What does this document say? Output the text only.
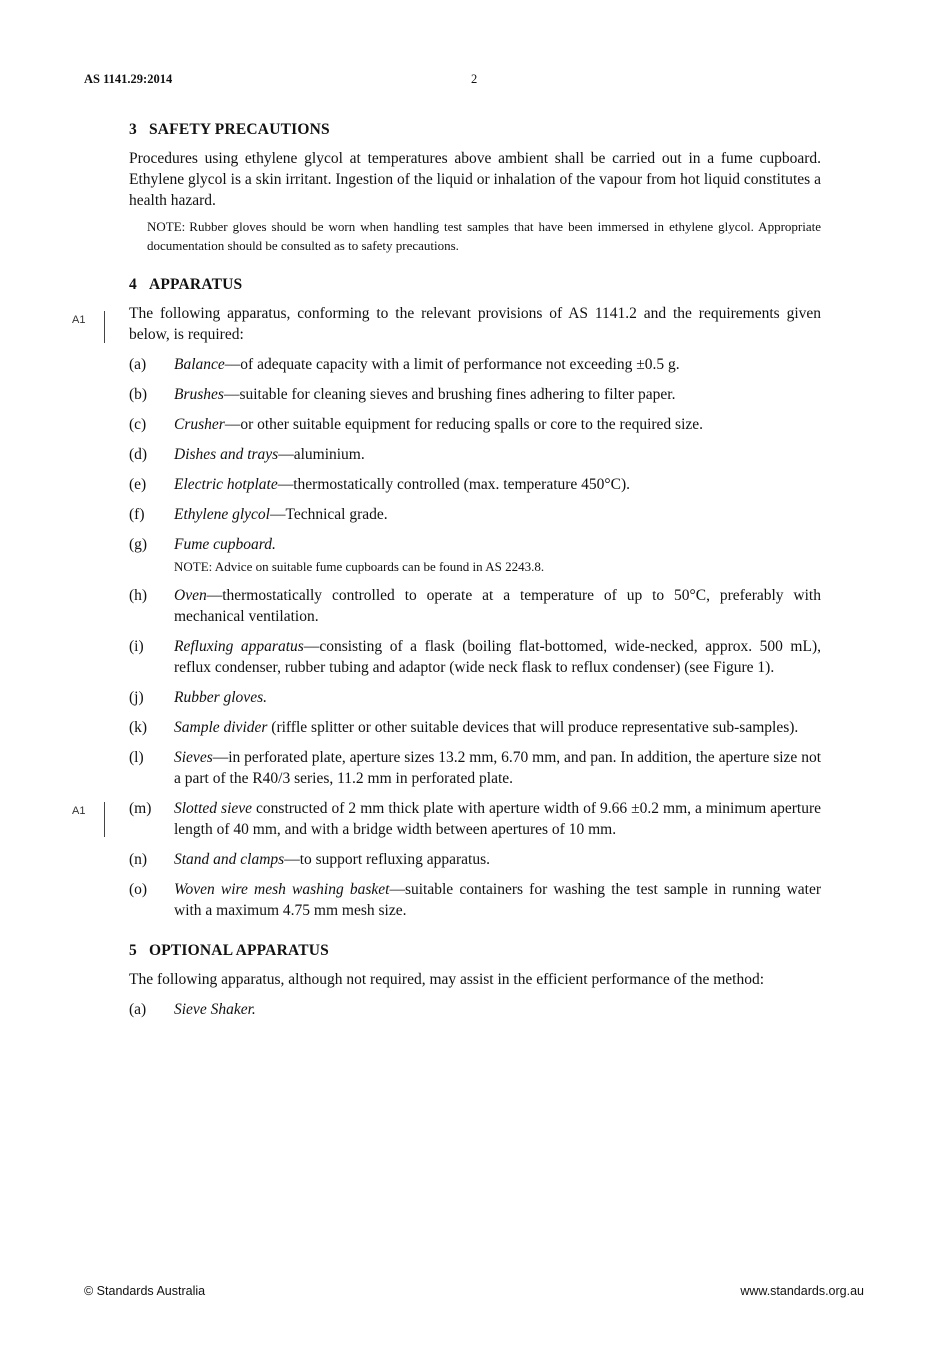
AS 1141.29:2014	2
A1
A1
3 SAFETY PRECAUTIONS

Procedures using ethylene glycol at temperatures above ambient shall be carried out in a fume cupboard. Ethylene glycol is a skin irritant. Ingestion of the liquid or inhalation of the vapour from hot liquid constitutes a health hazard.

NOTE: Rubber gloves should be worn when handling test samples that have been immersed in ethylene glycol. Appropriate documentation should be consulted as to safety precautions.

4 APPARATUS

The following apparatus, conforming to the relevant provisions of AS 1141.2 and the requirements given below, is required:

(a) Balance—of adequate capacity with a limit of performance not exceeding ±0.5 g.
(b) Brushes—suitable for cleaning sieves and brushing fines adhering to filter paper.
(c) Crusher—or other suitable equipment for reducing spalls or core to the required size.
(d) Dishes and trays—aluminium.
(e) Electric hotplate—thermostatically controlled (max. temperature 450°C).
(f) Ethylene glycol—Technical grade.
(g) Fume cupboard.
NOTE: Advice on suitable fume cupboards can be found in AS 2243.8.
(h) Oven—thermostatically controlled to operate at a temperature of up to 50°C, preferably with mechanical ventilation.
(i) Refluxing apparatus—consisting of a flask (boiling flat-bottomed, wide-necked, approx. 500 mL), reflux condenser, rubber tubing and adaptor (wide neck flask to reflux condenser) (see Figure 1).
(j) Rubber gloves.
(k) Sample divider (riffle splitter or other suitable devices that will produce representative sub-samples).
(l) Sieves—in perforated plate, aperture sizes 13.2 mm, 6.70 mm, and pan. In addition, the aperture size not a part of the R40/3 series, 11.2 mm in perforated plate.
(m) Slotted sieve constructed of 2 mm thick plate with aperture width of 9.66 ±0.2 mm, a minimum aperture length of 40 mm, and with a bridge width between apertures of 10 mm.
(n) Stand and clamps—to support refluxing apparatus.
(o) Woven wire mesh washing basket—suitable containers for washing the test sample in running water with a maximum 4.75 mm mesh size.
5 OPTIONAL APPARATUS

The following apparatus, although not required, may assist in the efficient performance of the method:

(a) Sieve Shaker.
© Standards Australia	www.standards.org.au
